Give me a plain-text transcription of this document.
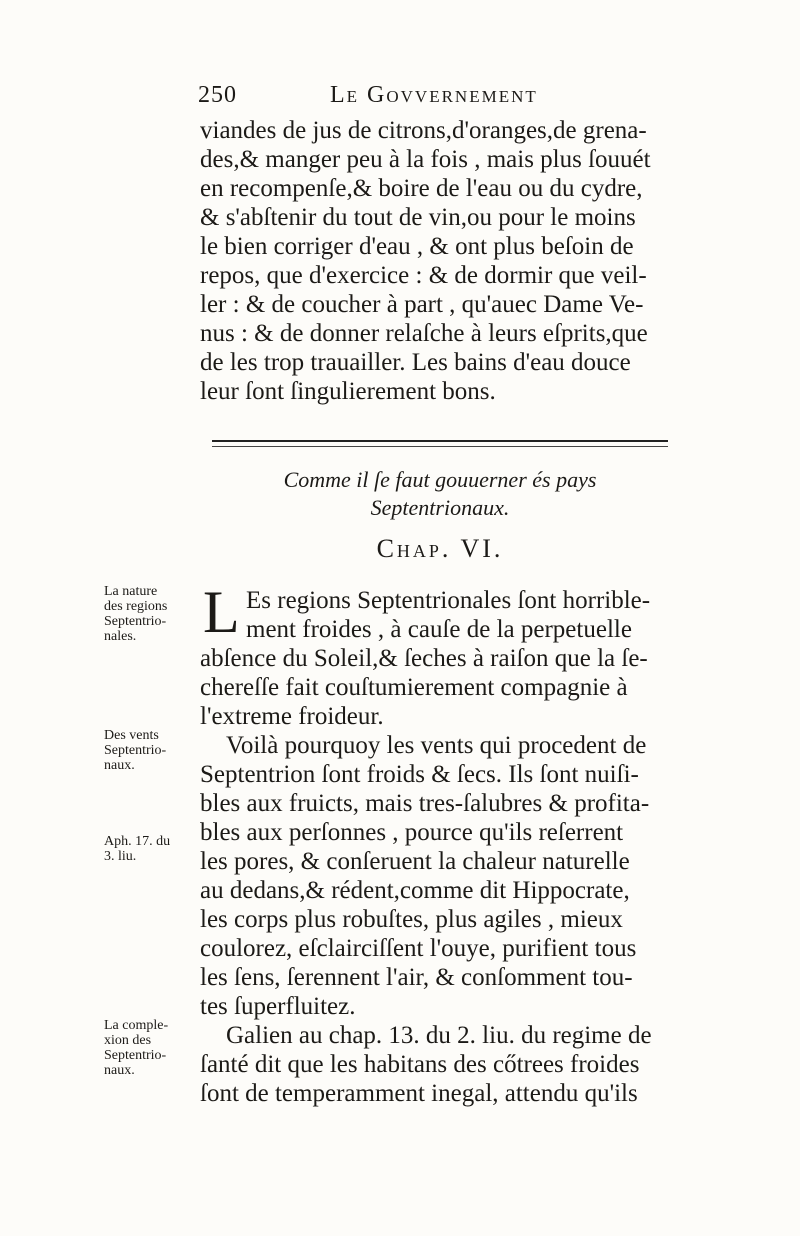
250	Le Govvernement
viandes de jus de citrons,d'oranges,de grena-
des,& manger peu à la fois , mais plus ſouuét
en recompenſe,& boire de l'eau ou du cydre,
& s'abſtenir du tout de vin,ou pour le moins
le bien corriger d'eau , & ont plus beſoin de
repos, que d'exercice : & de dormir que veil-
ler : & de coucher à part , qu'auec Dame Ve-
nus : & de donner relaſche à leurs eſprits,que
de les trop trauailler. Les bains d'eau douce
leur ſont ſingulierement bons.
Comme il ſe faut gouuerner és pays
Septentrionaux.
Chap. VI.
L Es regions Septentrionales ſont horrible-
ment froides , à cauſe de la perpetuelle
abſence du Soleil,& ſeches à raiſon que la ſe-
chereſſe fait couſtumierement compagnie à
l'extreme froideur.
Voilà pourquoy les vents qui procedent de
Septentrion ſont froids & ſecs. Ils ſont nuiſi-
bles aux fruicts, mais tres-ſalubres & profita-
bles aux perſonnes , pource qu'ils reſerrent
les pores, & conſeruent la chaleur naturelle
au dedans,& rédent,comme dit Hippocrate,
les corps plus robuſtes, plus agiles , mieux
coulorez, eſclairciſſent l'ouye, purifient tous
les ſens, ſerennent l'air, & conſomment tou-
tes ſuperfluitez.
Galien au chap. 13. du 2. liu. du regime de
ſanté dit que les habitans des cőtrees froides
ſont de temperamment inegal, attendu qu'ils
La nature
des regions
Septentrio-
nales.
Des vents
Septentrio-
naux.
Aph. 17. du
3. liu.
La comple-
xion des
Septentrio-
naux.
